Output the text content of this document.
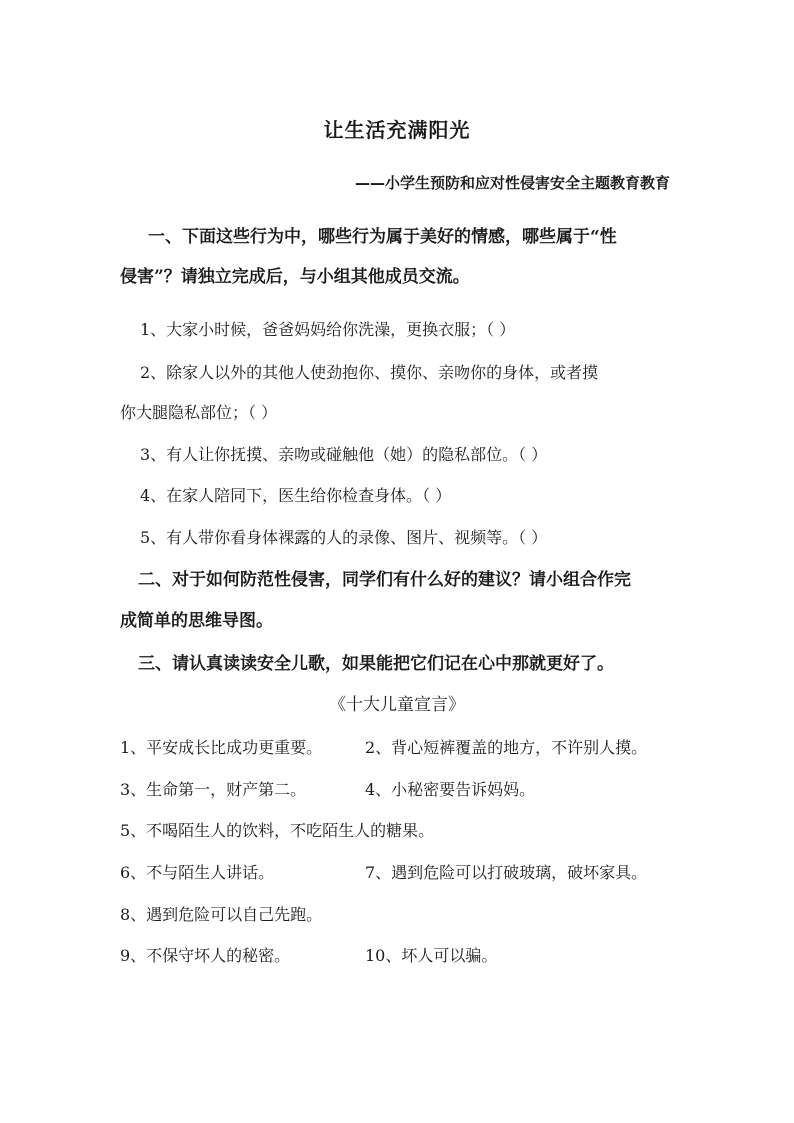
让生活充满阳光
——小学生预防和应对性侵害安全主题教育教育
一、下面这些行为中，哪些行为属于美好的情感，哪些属于“性
侵害”？请独立完成后，与小组其他成员交流。
1、大家小时候，爸爸妈妈给你洗澡，更换衣服；（ ）
2、除家人以外的其他人使劲抱你、摸你、亲吻你的身体，或者摸
你大腿隐私部位；（ ）
3、有人让你抚摸、亲吻或碰触他（她）的隐私部位。（ ）
4、在家人陪同下，医生给你检查身体。（ ）
5、有人带你看身体裸露的人的录像、图片、视频等。（ ）
二、对于如何防范性侵害，同学们有什么好的建议？请小组合作完
成简单的思维导图。
三、请认真读读安全儿歌，如果能把它们记在心中那就更好了。
《十大儿童宣言》
1、平安成长比成功更重要。	2、背心短裤覆盖的地方，不许别人摸。
3、生命第一，财产第二。	4、小秘密要告诉妈妈。
5、不喝陌生人的饮料，不吃陌生人的糖果。
6、不与陌生人讲话。	7、遇到危险可以打破玻璃，破坏家具。
8、遇到危险可以自己先跑。
9、不保守坏人的秘密。	10、坏人可以骗。
